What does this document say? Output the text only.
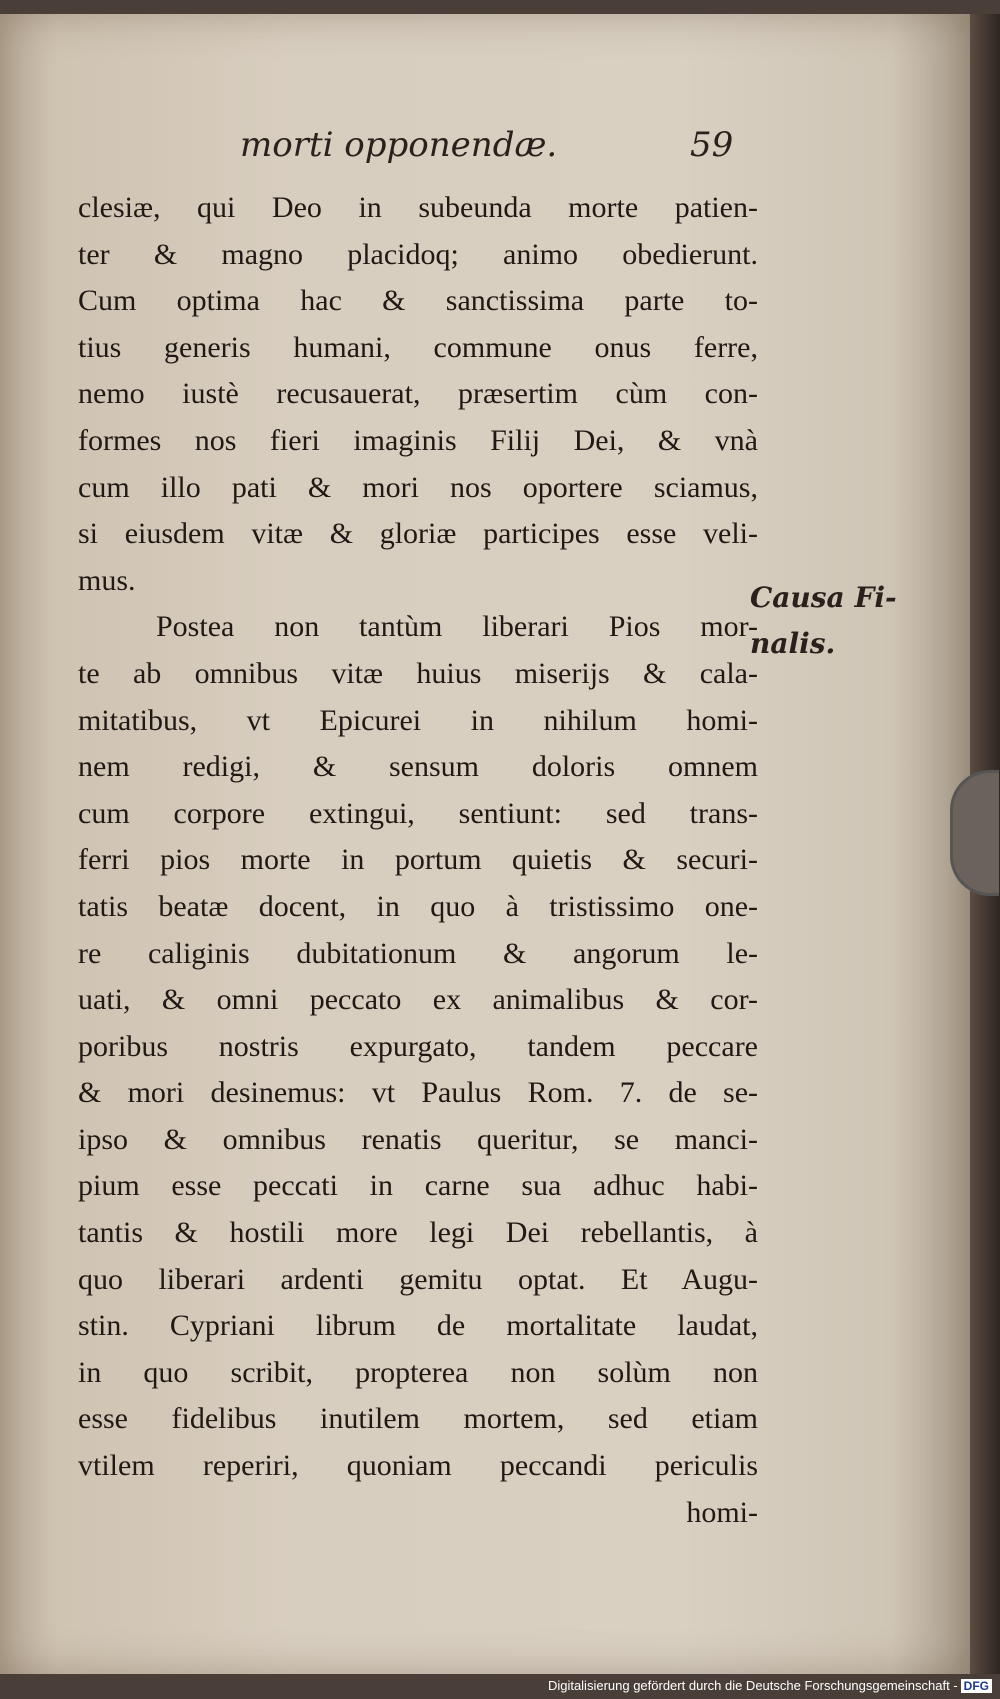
morti opponendæ.	59
clesiæ, qui Deo in subeunda morte patien-
ter & magno placidoq; animo obedierunt.
Cum optima hac & sanctissima parte to-
tius generis humani, commune onus ferre,
nemo iustè recusauerat, præsertim cùm con-
formes nos fieri imaginis Filij Dei, & vnà
cum illo pati & mori nos oportere sciamus,
si eiusdem vitæ & gloriæ participes esse veli-
mus.
Postea non tantùm liberari Pios mor-
te ab omnibus vitæ huius miserijs & cala-
mitatibus, vt Epicurei in nihilum homi-
nem redigi, & sensum doloris omnem
cum corpore extingui, sentiunt: sed trans-
ferri pios morte in portum quietis & securi-
tatis beatæ docent, in quo à tristissimo one-
re caliginis dubitationum & angorum le-
uati, & omni peccato ex animalibus & cor-
poribus nostris expurgato, tandem peccare
& mori desinemus: vt Paulus Rom. 7. de se-
ipso & omnibus renatis queritur, se manci-
pium esse peccati in carne sua adhuc habi-
tantis & hostili more legi Dei rebellantis, à
quo liberari ardenti gemitu optat. Et Augu-
stin. Cypriani librum de mortalitate laudat,
in quo scribit, propterea non solùm non
esse fidelibus inutilem mortem, sed etiam
vtilem reperiri, quoniam peccandi periculis
homi-
Causa Fi-
nalis.
Digitalisierung gefördert durch die Deutsche Forschungsgemeinschaft - DFG
